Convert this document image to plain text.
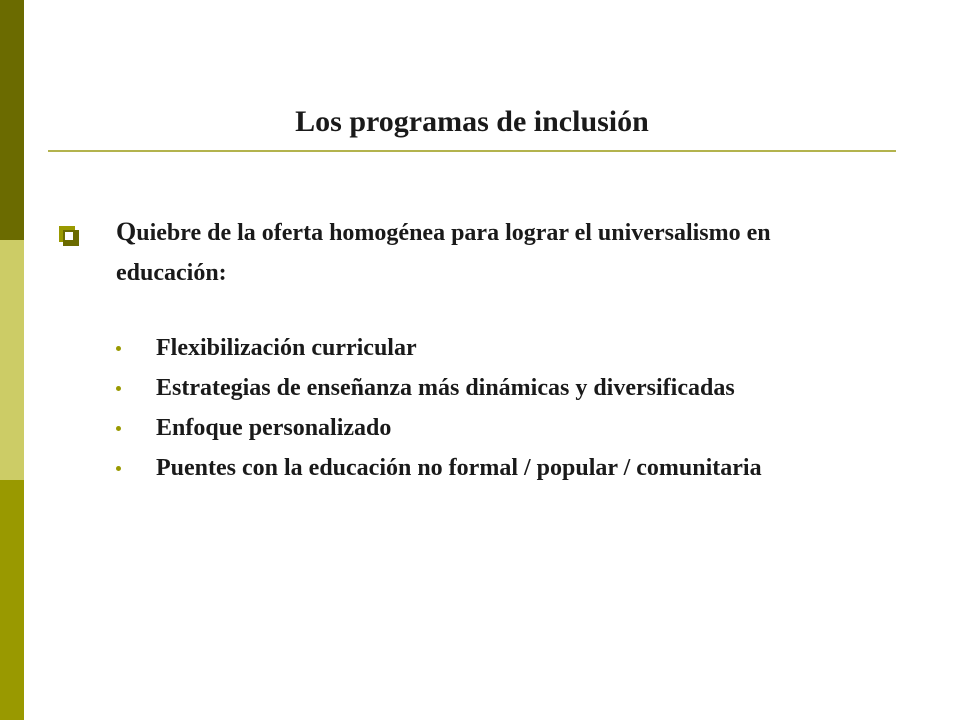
Los programas de inclusión
Quiebre de la oferta homogénea para lograr el universalismo en educación:
Flexibilización curricular
Estrategias de enseñanza más dinámicas y diversificadas
Enfoque personalizado
Puentes con la educación no formal / popular / comunitaria
